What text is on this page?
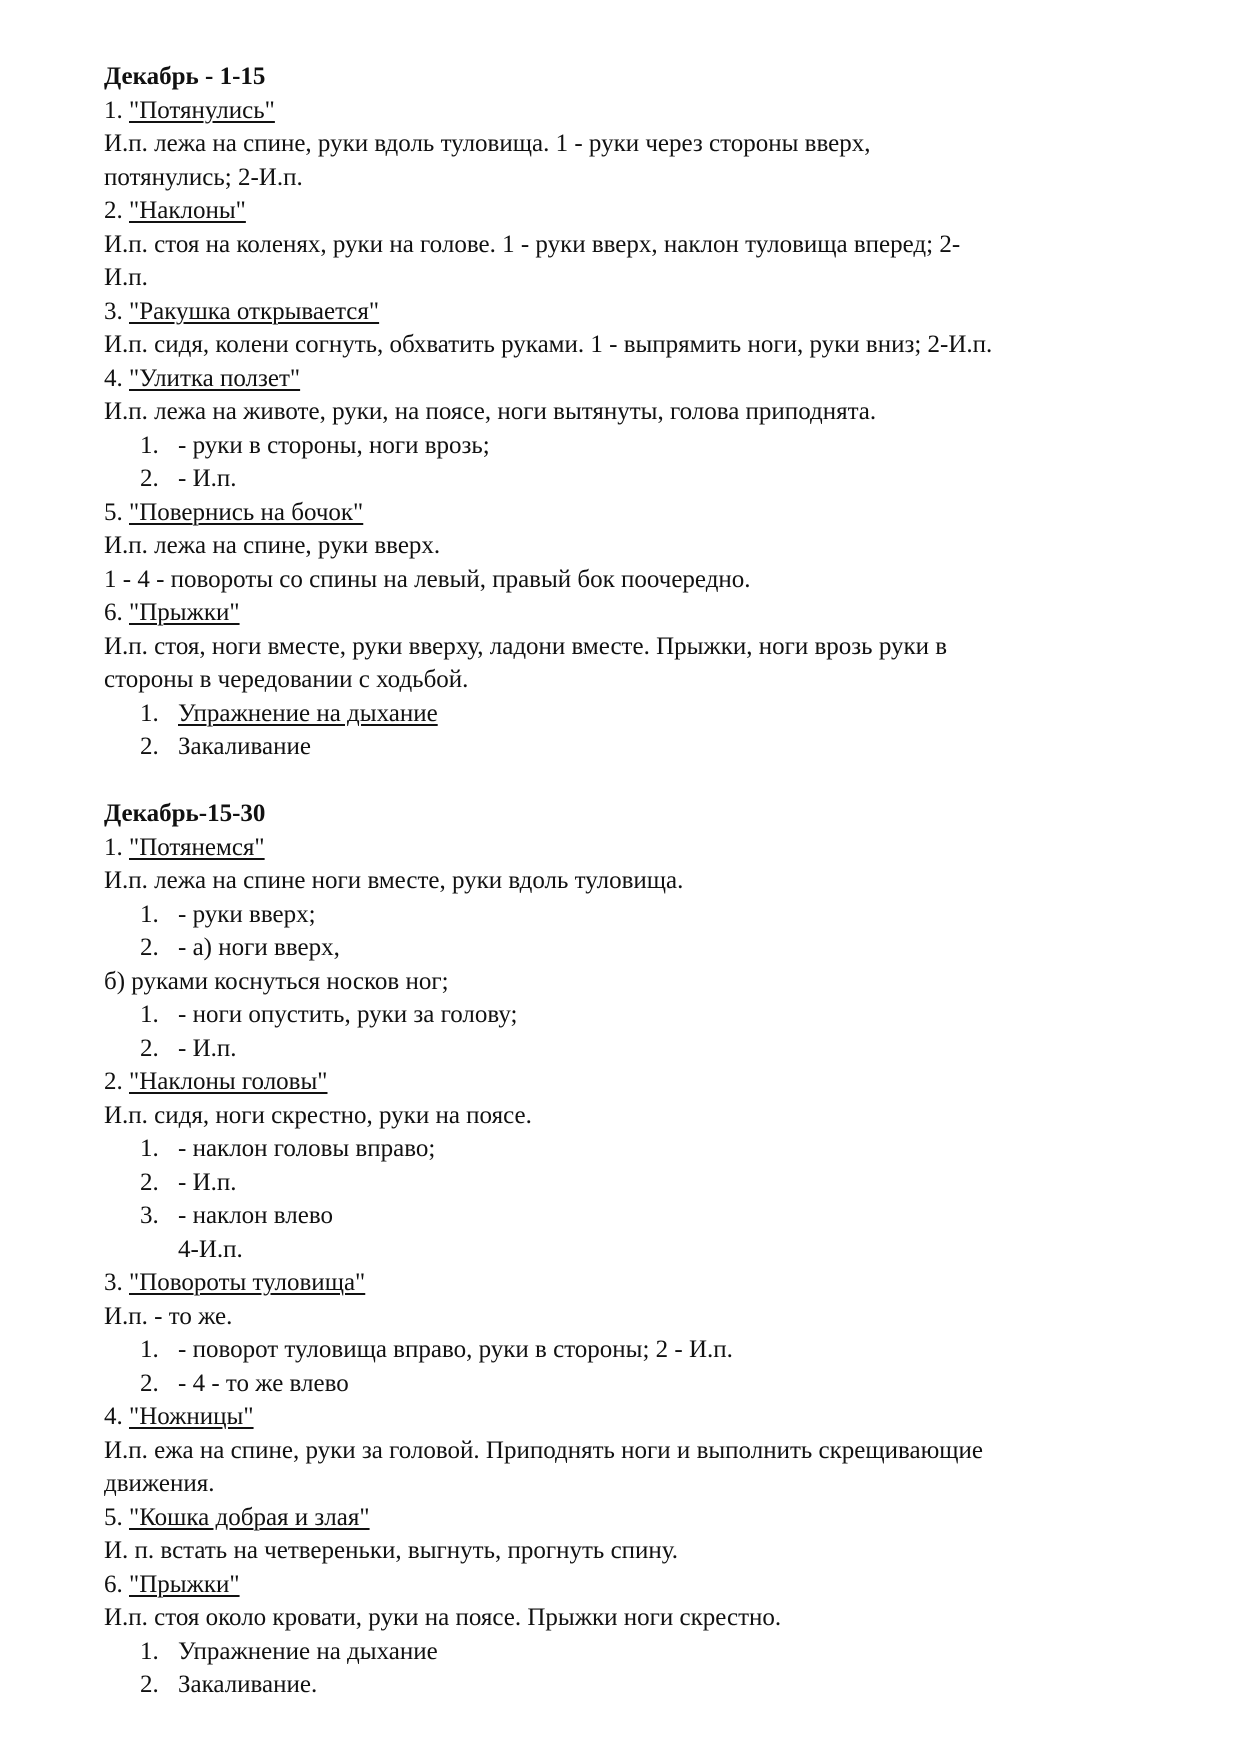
Декабрь - 1-15
1. "Потянулись"
И.п. лежа на спине, руки вдоль туловища. 1 - руки через стороны вверх,
потянулись; 2-И.п.
2. "Наклоны"
И.п. стоя на коленях, руки на голове. 1 - руки вверх, наклон туловища вперед; 2-
И.п.
3. "Ракушка открывается"
И.п. сидя, колени согнуть, обхватить руками. 1 - выпрямить ноги, руки вниз; 2-И.п.
4. "Улитка ползет"
И.п. лежа на животе, руки, на поясе, ноги вытянуты, голова приподнята.
1. - руки в стороны, ноги врозь;
2. - И.п.
5. "Повернись на бочок"
И.п. лежа на спине, руки вверх.
1 - 4 - повороты со спины на левый, правый бок поочередно.
6. "Прыжки"
И.п. стоя, ноги вместе, руки вверху, ладони вместе. Прыжки, ноги врозь руки в
стороны в чередовании с ходьбой.
1. Упражнение на дыхание
2. Закаливание
Декабрь-15-30
1. "Потянемся"
И.п. лежа на спине ноги вместе, руки вдоль туловища.
1. - руки вверх;
2. - а) ноги вверх,
б) руками коснуться носков ног;
1. - ноги опустить, руки за голову;
2. - И.п.
2. "Наклоны головы"
И.п. сидя, ноги скрестно, руки на поясе.
1. - наклон головы вправо;
2. - И.п.
3. - наклон влево
4-И.п.
3. "Повороты туловища"
И.п. - то же.
1. - поворот туловища вправо, руки в стороны; 2 - И.п.
2. - 4 - то же влево
4. "Ножницы"
И.п. ежа на спине, руки за головой. Приподнять ноги и выполнить скрещивающие
движения.
5. "Кошка добрая и злая"
И. п. встать на четвереньки, выгнуть, прогнуть спину.
6. "Прыжки"
И.п. стоя около кровати, руки на поясе. Прыжки ноги скрестно.
1. Упражнение на дыхание
2. Закаливание.
